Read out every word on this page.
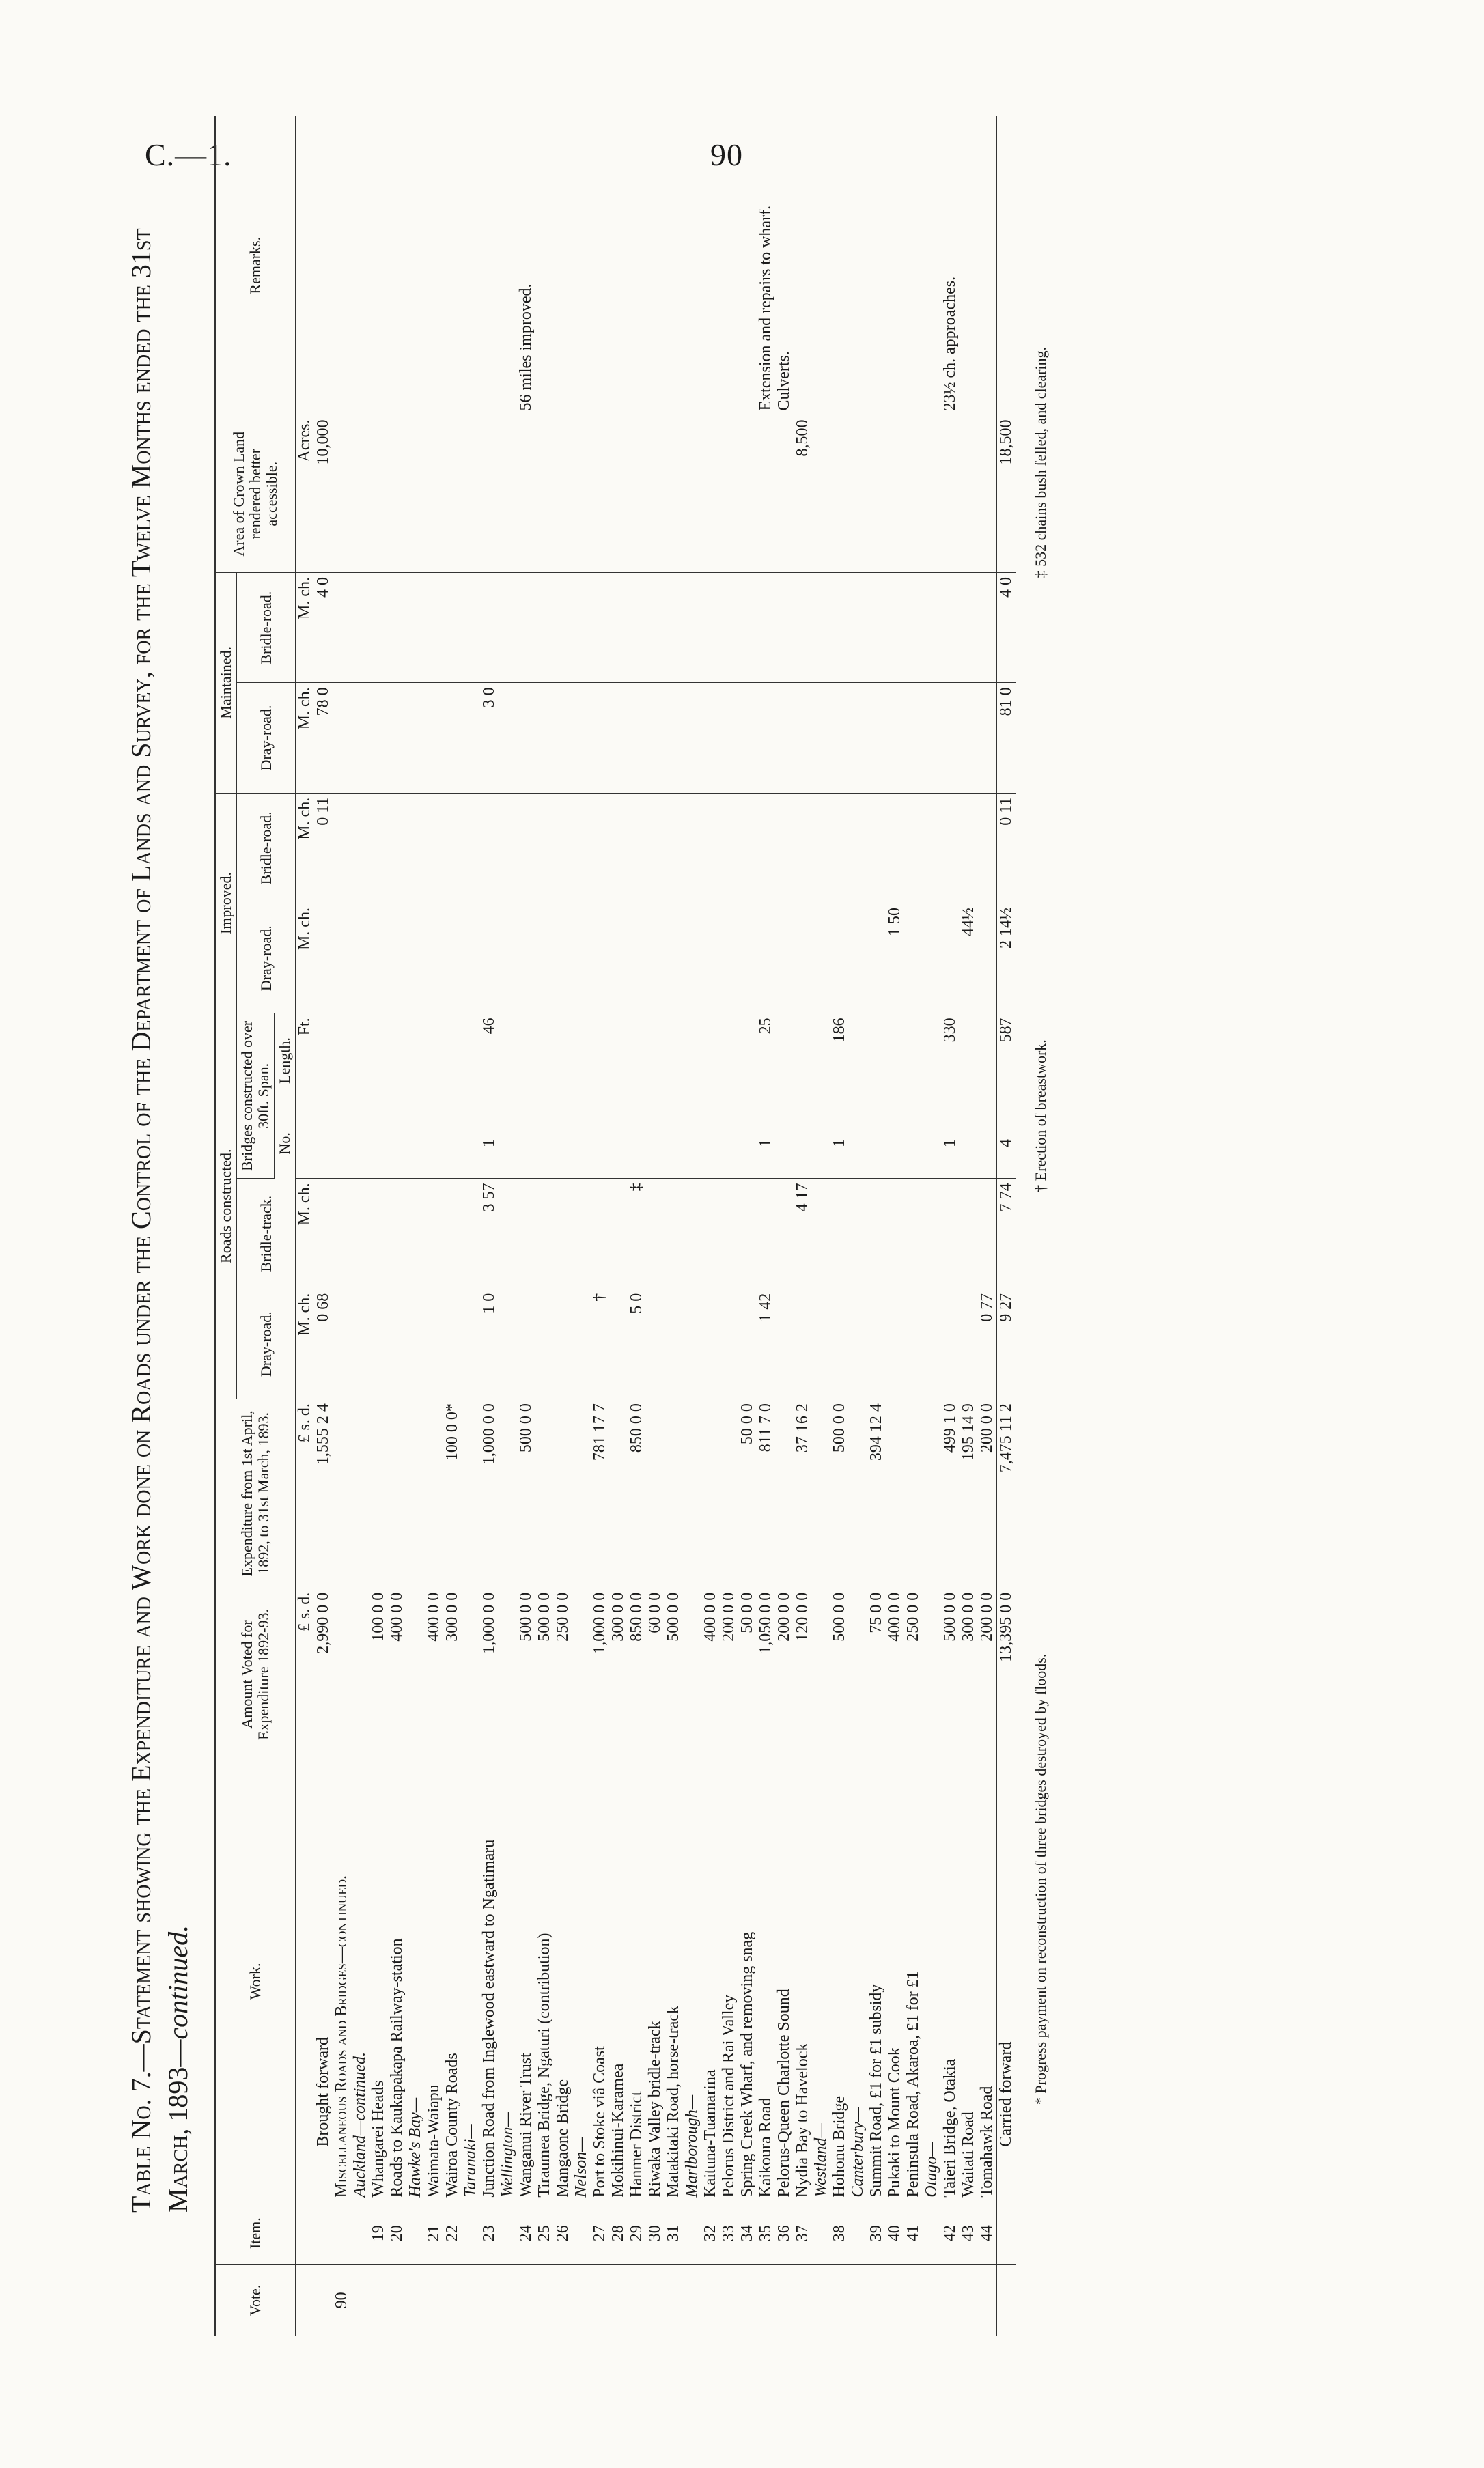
C.—1.	90
Table No. 7.—Statement showing the Expenditure and Work done on Roads under the Control of the Department of Lands and Survey, for the Twelve Months ended the 31st March, 1893—continued.
Vote.	Item.	Work.	Amount Voted for Expenditure 1892-93.	Expenditure from 1st April, 1892, to 31st March, 1893.	Roads constructed.				Improved.		Maintained.		Area of Crown Land rendered better accessible.	Remarks.
					Dray-road.	Bridle-track.	Bridges constructed over 30ft. Span.		Dray-road.	Bridle-road.	Dray-road.	Bridle-road.		
							No.	Length.						
			£ s. d.	£ s. d.	M. ch.	M. ch.		Ft.	M. ch.	M. ch.	M. ch.	M. ch.	Acres.	
		Brought forward	2,990 0 0	1,555 2 4	0 68					0 11	78 0	4 0	10,000	
90		Miscellaneous Roads and Bridges—continued.												
		Auckland—continued.												
	19	Whangarei Heads	100 0 0											
	20	Roads to Kaukapakapa Railway-station	400 0 0											
		Hawke's Bay—												
	21	Waimata-Waiapu	400 0 0											
	22	Wairoa County Roads	300 0 0	100 0 0*										
		Taranaki—												
	23	Junction Road from Inglewood eastward to Ngatimaru	1,000 0 0	1,000 0 0	1 0	3 57	1	46			3 0			
		Wellington—												
	24	Wanganui River Trust	500 0 0	500 0 0										56 miles improved.
	25	Tiraumea Bridge, Ngaturi (contribution)	500 0 0											
	26	Mangaone Bridge	250 0 0											
		Nelson—												
	27	Port to Stoke viâ Coast	1,000 0 0	781 17 7	†									
	28	Mokihinui-Karamea	300 0 0											
	29	Hanmer District	850 0 0	850 0 0	5 0	‡								
	30	Riwaka Valley bridle-track	60 0 0											
	31	Matakitaki Road, horse-track	500 0 0											
		Marlborough—												
	32	Kaituna-Tuamarina	400 0 0											
	33	Pelorus District and Rai Valley	200 0 0											
	34	Spring Creek Wharf, and removing snag	50 0 0	50 0 0										
	35	Kaikoura Road	1,050 0 0	811 7 0	1 42		1	25						Extension and repairs to wharf.
	36	Pelorus-Queen Charlotte Sound	200 0 0											Culverts.
	37	Nydia Bay to Havelock	120 0 0	37 16 2		4 17							8,500	
		Westland—												
	38	Hohonu Bridge	500 0 0	500 0 0			1	186						
		Canterbury—												
	39	Summit Road, £1 for £1 subsidy	75 0 0	394 12 4										
	40	Pukaki to Mount Cook	400 0 0						1 50					
	41	Peninsula Road, Akaroa, £1 for £1	250 0 0											
		Otago—												
	42	Taieri Bridge, Otakia	500 0 0	499 1 0			1	330						23½ ch. approaches.
	43	Waitati Road	300 0 0	195 14 9					44½					
	44	Tomahawk Road	200 0 0	200 0 0	0 77									
		Carried forward	13,395 0 0	7,475 11 2	9 27	7 74	4	587	2 14½	0 11	81 0	4 0	18,500	
* Progress payment on reconstruction of three bridges destroyed by floods.
† Erection of breastwork.
‡ 532 chains bush felled, and clearing.
